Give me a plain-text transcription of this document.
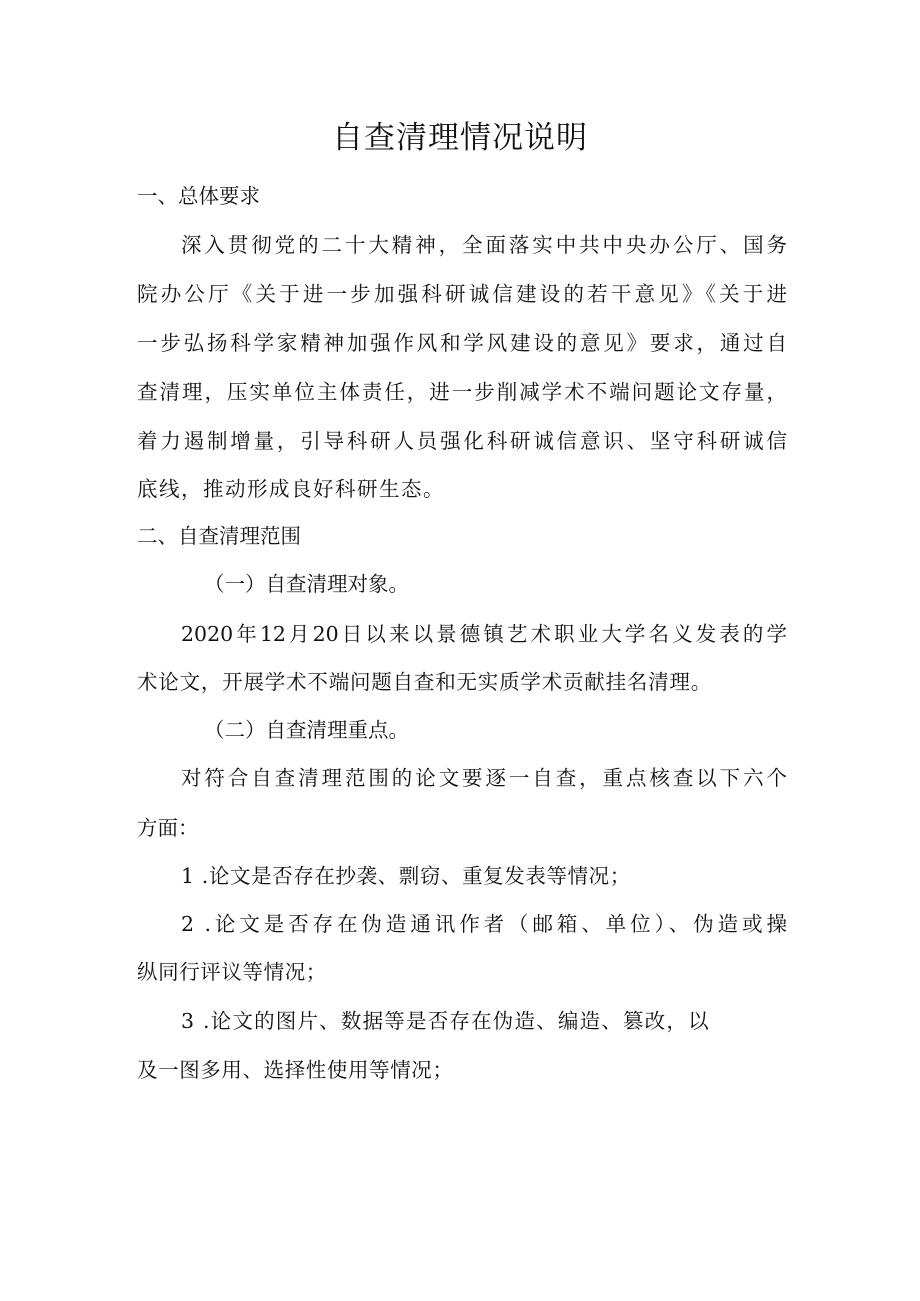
自查清理情况说明

一、总体要求

深入贯彻党的二十大精神，全面落实中共中央办公厅、国务

院办公厅《关于进一步加强科研诚信建设的若干意见》《关于进

一步弘扬科学家精神加强作风和学风建设的意见》要求，通过自

查清理，压实单位主体责任，进一步削减学术不端问题论文存量，

着力遏制增量，引导科研人员强化科研诚信意识、坚守科研诚信

底线，推动形成良好科研生态。

二、自查清理范围

（一）自查清理对象。

2020年12月20日以来以景德镇艺术职业大学名义发表的学

术论文，开展学术不端问题自查和无实质学术贡献挂名清理。

（二）自查清理重点。

对符合自查清理范围的论文要逐一自查，重点核查以下六个

方面：

1 .论文是否存在抄袭、剽窃、重复发表等情况；

2 .论文是否存在伪造通讯作者（邮箱、单位）、伪造或操

纵同行评议等情况；

3 .论文的图片、数据等是否存在伪造、编造、篡改，以

及一图多用、选择性使用等情况；
